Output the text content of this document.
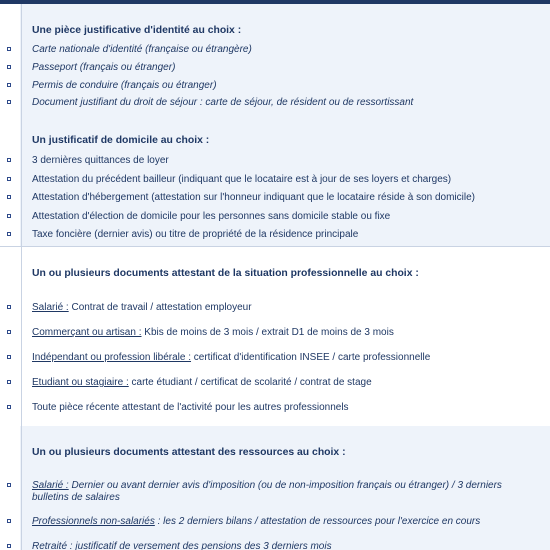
Une pièce justificative d'identité au choix :
Carte nationale d'identité (française ou étrangère)
Passeport (français ou étranger)
Permis de conduire (français ou étranger)
Document justifiant du droit de séjour : carte de séjour, de résident ou de ressortissant
Un justificatif de domicile au choix :
3 dernières quittances de loyer
Attestation du précédent bailleur (indiquant que le locataire est à jour de ses loyers et charges)
Attestation d'hébergement (attestation sur l'honneur indiquant que le locataire réside à son domicile)
Attestation d'élection de domicile pour les personnes sans domicile stable ou fixe
Taxe foncière (dernier avis) ou titre de propriété de la résidence principale
Un ou plusieurs documents attestant de la situation professionnelle au choix :
Salarié : Contrat de travail / attestation employeur
Commerçant ou artisan : Kbis de moins de 3 mois / extrait D1 de moins de 3 mois
Indépendant ou profession libérale : certificat d'identification INSEE / carte professionnelle
Etudiant ou stagiaire : carte étudiant / certificat de scolarité / contrat de stage
Toute pièce récente attestant de l'activité pour les autres professionnels
Un ou plusieurs documents attestant des ressources au choix :
Salarié : Dernier ou avant dernier avis d'imposition (ou de non-imposition français ou étranger) / 3 derniers bulletins de salaires
Professionnels non-salariés : les 2 derniers bilans / attestation de ressources pour l'exercice en cours
Retraité : justificatif de versement des pensions des 3 derniers mois
